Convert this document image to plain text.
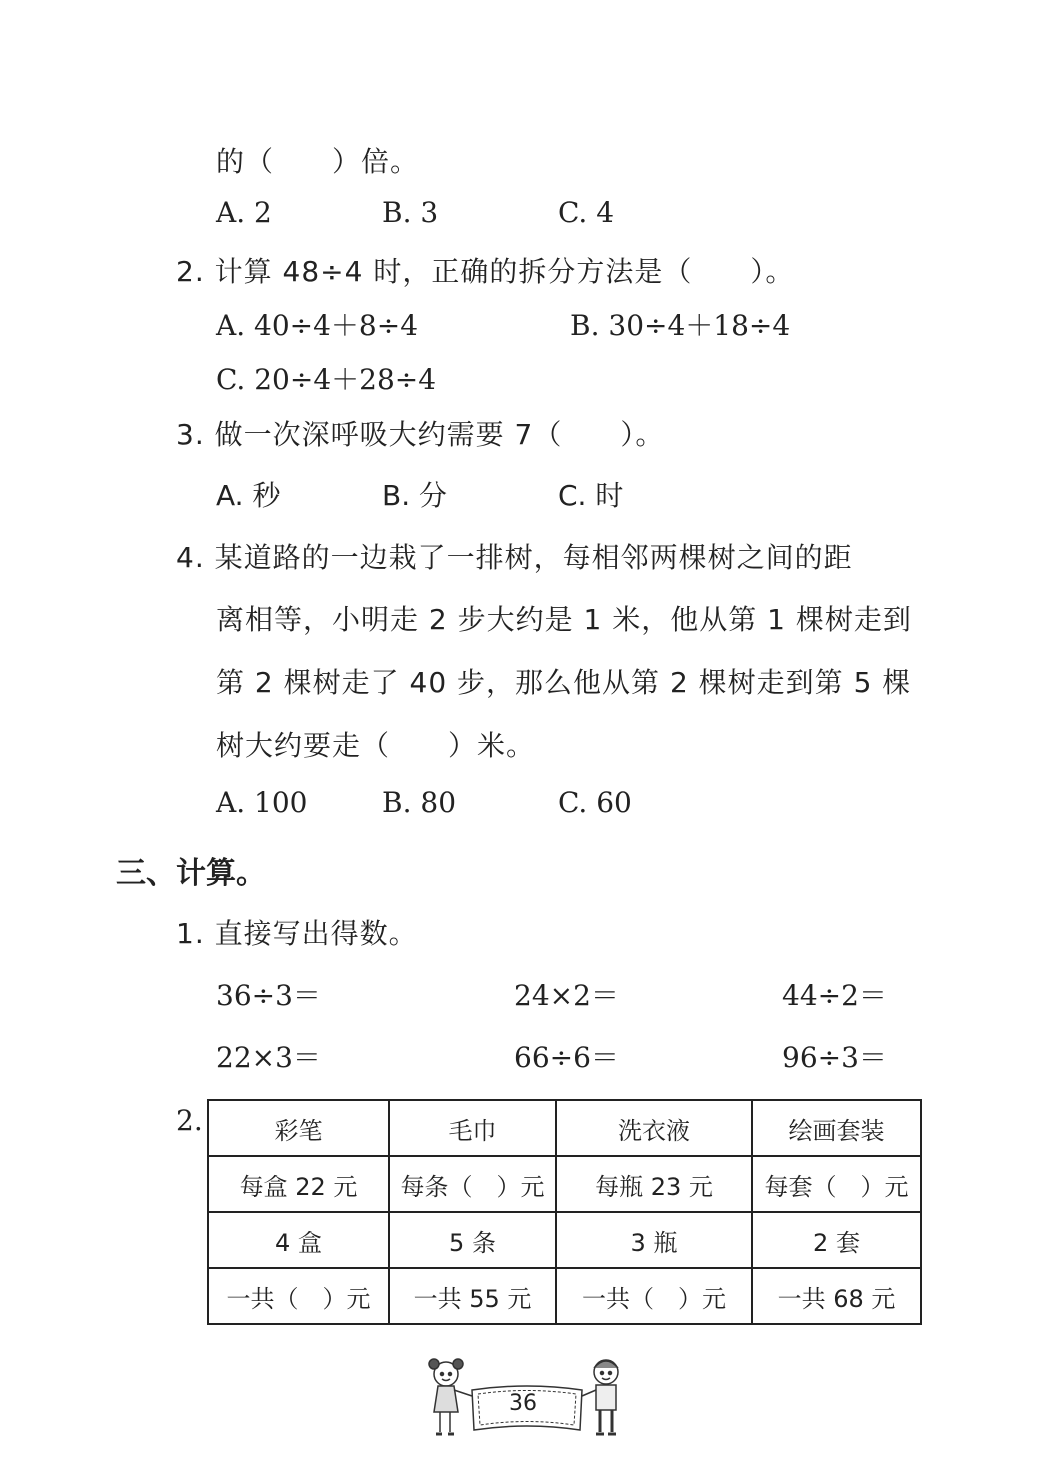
的（　　）倍。
A. 2	B. 3	C. 4
2. 计算 48÷4 时，正确的拆分方法是（　　）。
A. 40÷4＋8÷4	B. 30÷4＋18÷4
C. 20÷4＋28÷4
3. 做一次深呼吸大约需要 7（　　）。
A. 秒	B. 分	C. 时
4. 某道路的一边栽了一排树，每相邻两棵树之间的距
离相等，小明走 2 步大约是 1 米，他从第 1 棵树走到
第 2 棵树走了 40 步，那么他从第 2 棵树走到第 5 棵
树大约要走（　　）米。
A. 100	B. 80	C. 60
三、计算。
1. 直接写出得数。
36÷3＝	24×2＝	44÷2＝
22×3＝	66÷6＝	96÷3＝
2.	彩笔	毛巾	洗衣液	绘画套装
每盒 22 元	每条（　）元	每瓶 23 元	每套（　）元
4 盒	5 条	3 瓶	2 套
一共（　）元	一共 55 元	一共（　）元	一共 68 元
36
